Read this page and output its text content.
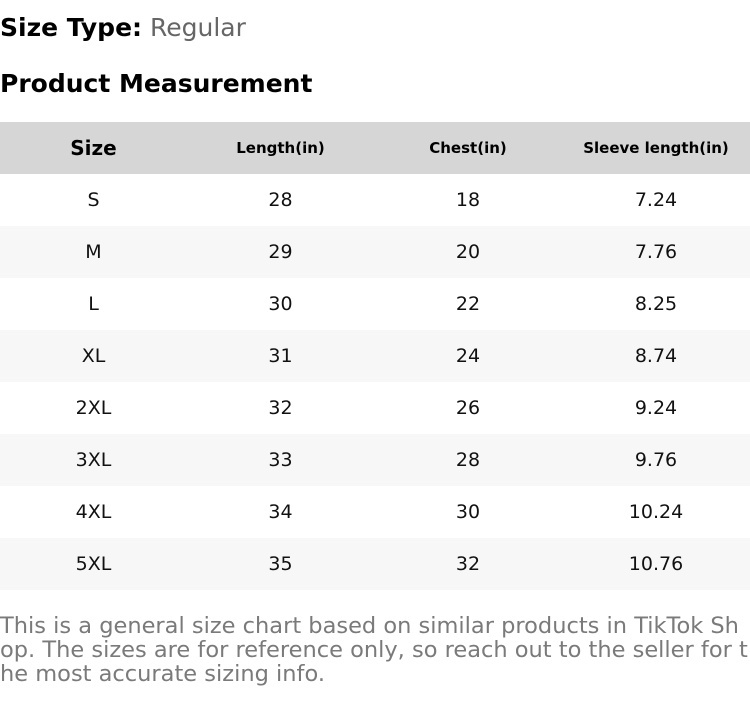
Size Type: Regular
Product Measurement
Size	Length(in)	Chest(in)	Sleeve length(in)
S	28	18	7.24
M	29	20	7.76
L	30	22	8.25
XL	31	24	8.74
2XL	32	26	9.24
3XL	33	28	9.76
4XL	34	30	10.24
5XL	35	32	10.76
This is a general size chart based on similar products in TikTok Shop. The sizes are for reference only, so reach out to the seller for the most accurate sizing info.
